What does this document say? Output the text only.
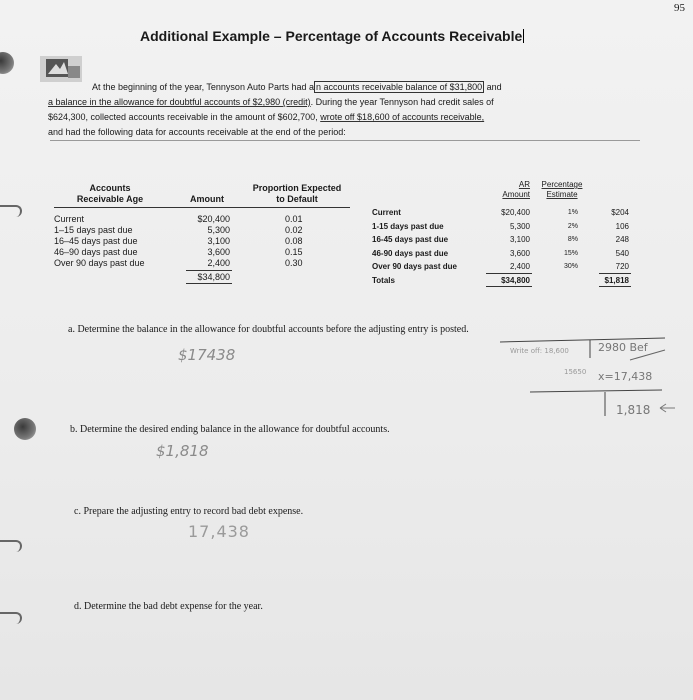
95
Additional Example – Percentage of Accounts Receivable
At the beginning of the year, Tennyson Auto Parts had a n accounts receivable balance of $31,800 and
a balance in the allowance for doubtful accounts of $2,980 (credit). During the year Tennyson had credit sales of
$624,300, collected accounts receivable in the amount of $602,700, wrote off $18,600 of accounts receivable,
and had the following data for accounts receivable at the end of the period:
Accounts
Receivable Age	Amount
Proportion Expected
to Default
Current
1–15 days past due
16–45 days past due
46–90 days past due
Over 90 days past due
$20,400
5,300
3,100
3,600
2,400
$34,800
0.01
0.02
0.08
0.15
0.30
AR
Amount
Percentage
Estimate
Current
1-15 days past due
16-45 days past due
46-90 days past due
Over 90 days past due
Totals
$20,400
5,300
3,100
3,600
2,400
$34,800
1%
2%
8%
15%
30%
$204
106
248
540
720
$1,818
a. Determine the balance in the allowance for doubtful accounts before the adjusting entry is posted.
$17438
b. Determine the desired ending balance in the allowance for doubtful accounts.
$1,818
c. Prepare the adjusting entry to record bad debt expense.
17,438
d. Determine the bad debt expense for the year.
Write off: 18,600	2980 Bef
15650 x=17,438
1,818
